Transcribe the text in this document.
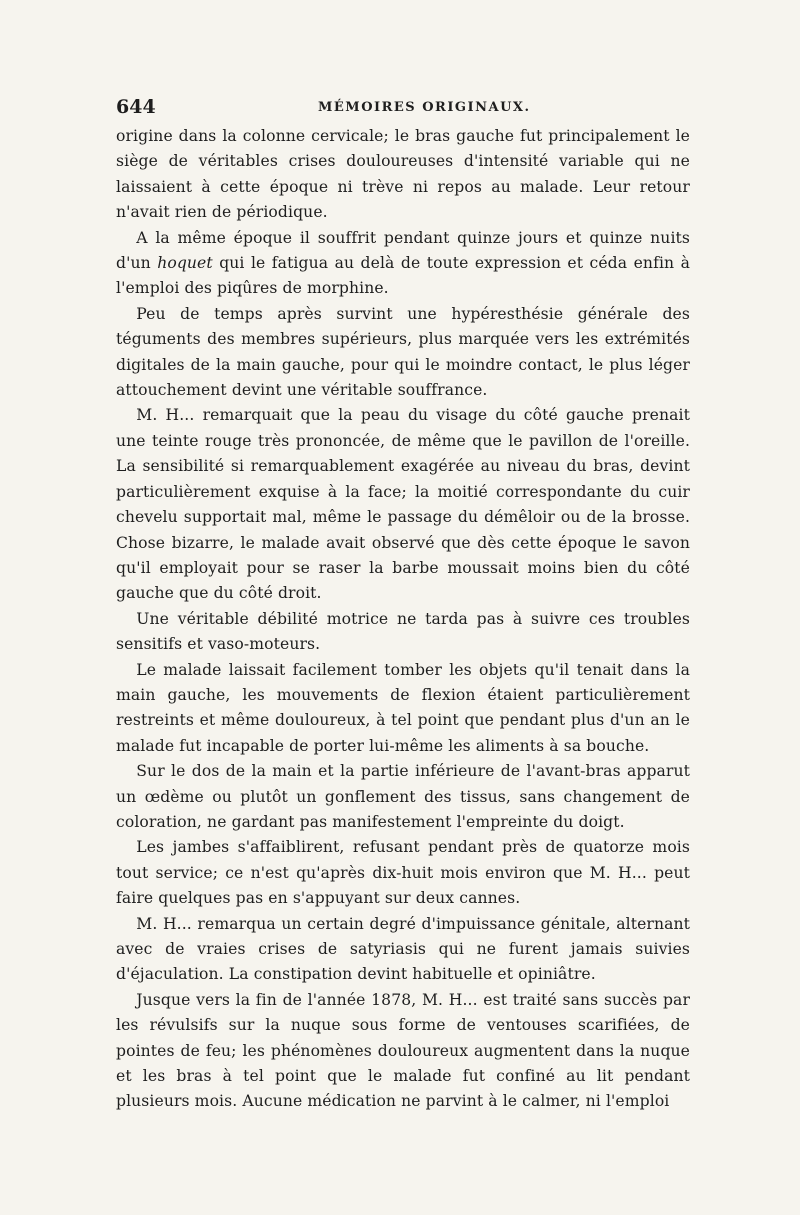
644	MÉMOIRES ORIGINAUX.

origine dans la colonne cervicale; le bras gauche fut principalement le siège de véritables crises douloureuses d'intensité variable qui ne laissaient à cette époque ni trève ni repos au malade. Leur retour n'avait rien de périodique.

A la même époque il souffrit pendant quinze jours et quinze nuits d'un hoquet qui le fatigua au delà de toute expression et céda enfin à l'emploi des piqûres de morphine.

Peu de temps après survint une hypéresthésie générale des téguments des membres supérieurs, plus marquée vers les extrémités digitales de la main gauche, pour qui le moindre contact, le plus léger attouchement devint une véritable souffrance.

M. H... remarquait que la peau du visage du côté gauche prenait une teinte rouge très prononcée, de même que le pavillon de l'oreille. La sensibilité si remarquablement exagérée au niveau du bras, devint particulièrement exquise à la face; la moitié correspondante du cuir chevelu supportait mal, même le passage du démêloir ou de la brosse. Chose bizarre, le malade avait observé que dès cette époque le savon qu'il employait pour se raser la barbe moussait moins bien du côté gauche que du côté droit.

Une véritable débilité motrice ne tarda pas à suivre ces troubles sensitifs et vaso-moteurs.

Le malade laissait facilement tomber les objets qu'il tenait dans la main gauche, les mouvements de flexion étaient particulièrement restreints et même douloureux, à tel point que pendant plus d'un an le malade fut incapable de porter lui-même les aliments à sa bouche.

Sur le dos de la main et la partie inférieure de l'avant-bras apparut un œdème ou plutôt un gonflement des tissus, sans changement de coloration, ne gardant pas manifestement l'empreinte du doigt.

Les jambes s'affaiblirent, refusant pendant près de quatorze mois tout service; ce n'est qu'après dix-huit mois environ que M. H... peut faire quelques pas en s'appuyant sur deux cannes.

M. H... remarqua un certain degré d'impuissance génitale, alternant avec de vraies crises de satyriasis qui ne furent jamais suivies d'éjaculation. La constipation devint habituelle et opiniâtre.

Jusque vers la fin de l'année 1878, M. H... est traité sans succès par les révulsifs sur la nuque sous forme de ventouses scarifiées, de pointes de feu; les phénomènes douloureux augmentent dans la nuque et les bras à tel point que le malade fut confiné au lit pendant plusieurs mois. Aucune médication ne parvint à le calmer, ni l'emploi
